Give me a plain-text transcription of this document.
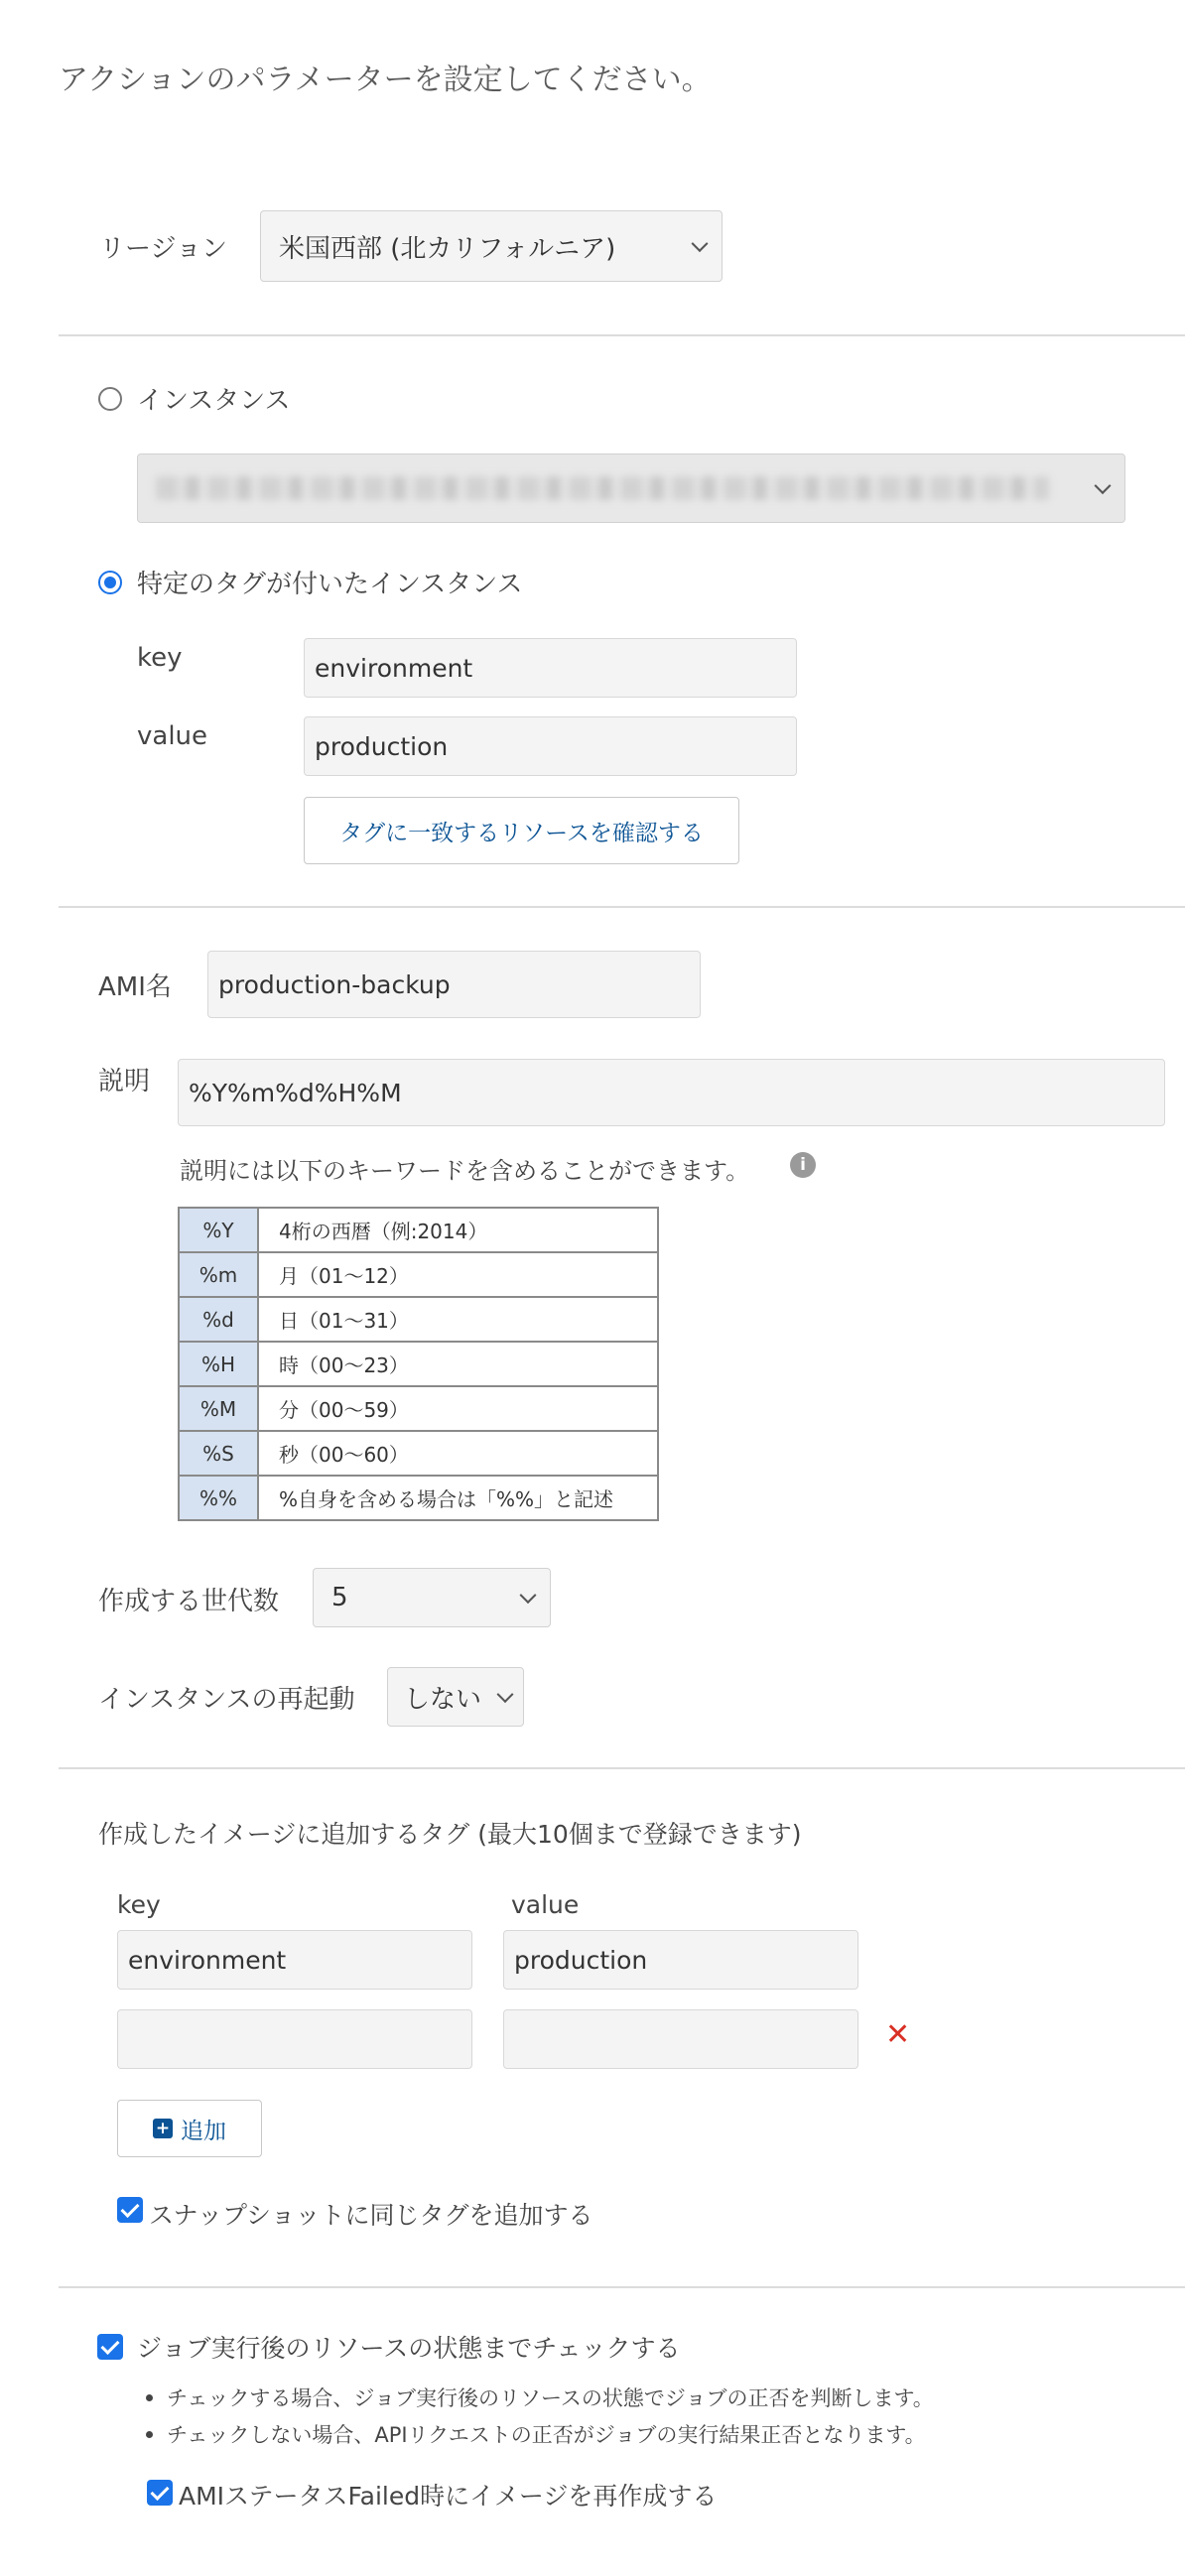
アクションのパラメーターを設定してください。
リージョン 米国西部 (北カリフォルニア)
インスタンス
特定のタグが付いたインスタンス
key	environment
value	production
タグに一致するリソースを確認する
AMI名	production-backup
説明	%Y%m%d%H%M
説明には以下のキーワードを含めることができます。	i
%Y	4桁の西暦（例:2014）
%m	月（01〜12）
%d	日（01〜31）
%H	時（00〜23）
%M	分（00〜59）
%S	秒（00〜60）
%%	%自身を含める場合は「%%」と記述
作成する世代数 5
インスタンスの再起動 しない
作成したイメージに追加するタグ (最大10個まで登録できます)
key	value
environment	production
✕
+ 追加
スナップショットに同じタグを追加する
ジョブ実行後のリソースの状態までチェックする
チェックする場合、ジョブ実行後のリソースの状態でジョブの正否を判断します。
チェックしない場合、APIリクエストの正否がジョブの実行結果正否となります。
AMIステータスFailed時にイメージを再作成する
